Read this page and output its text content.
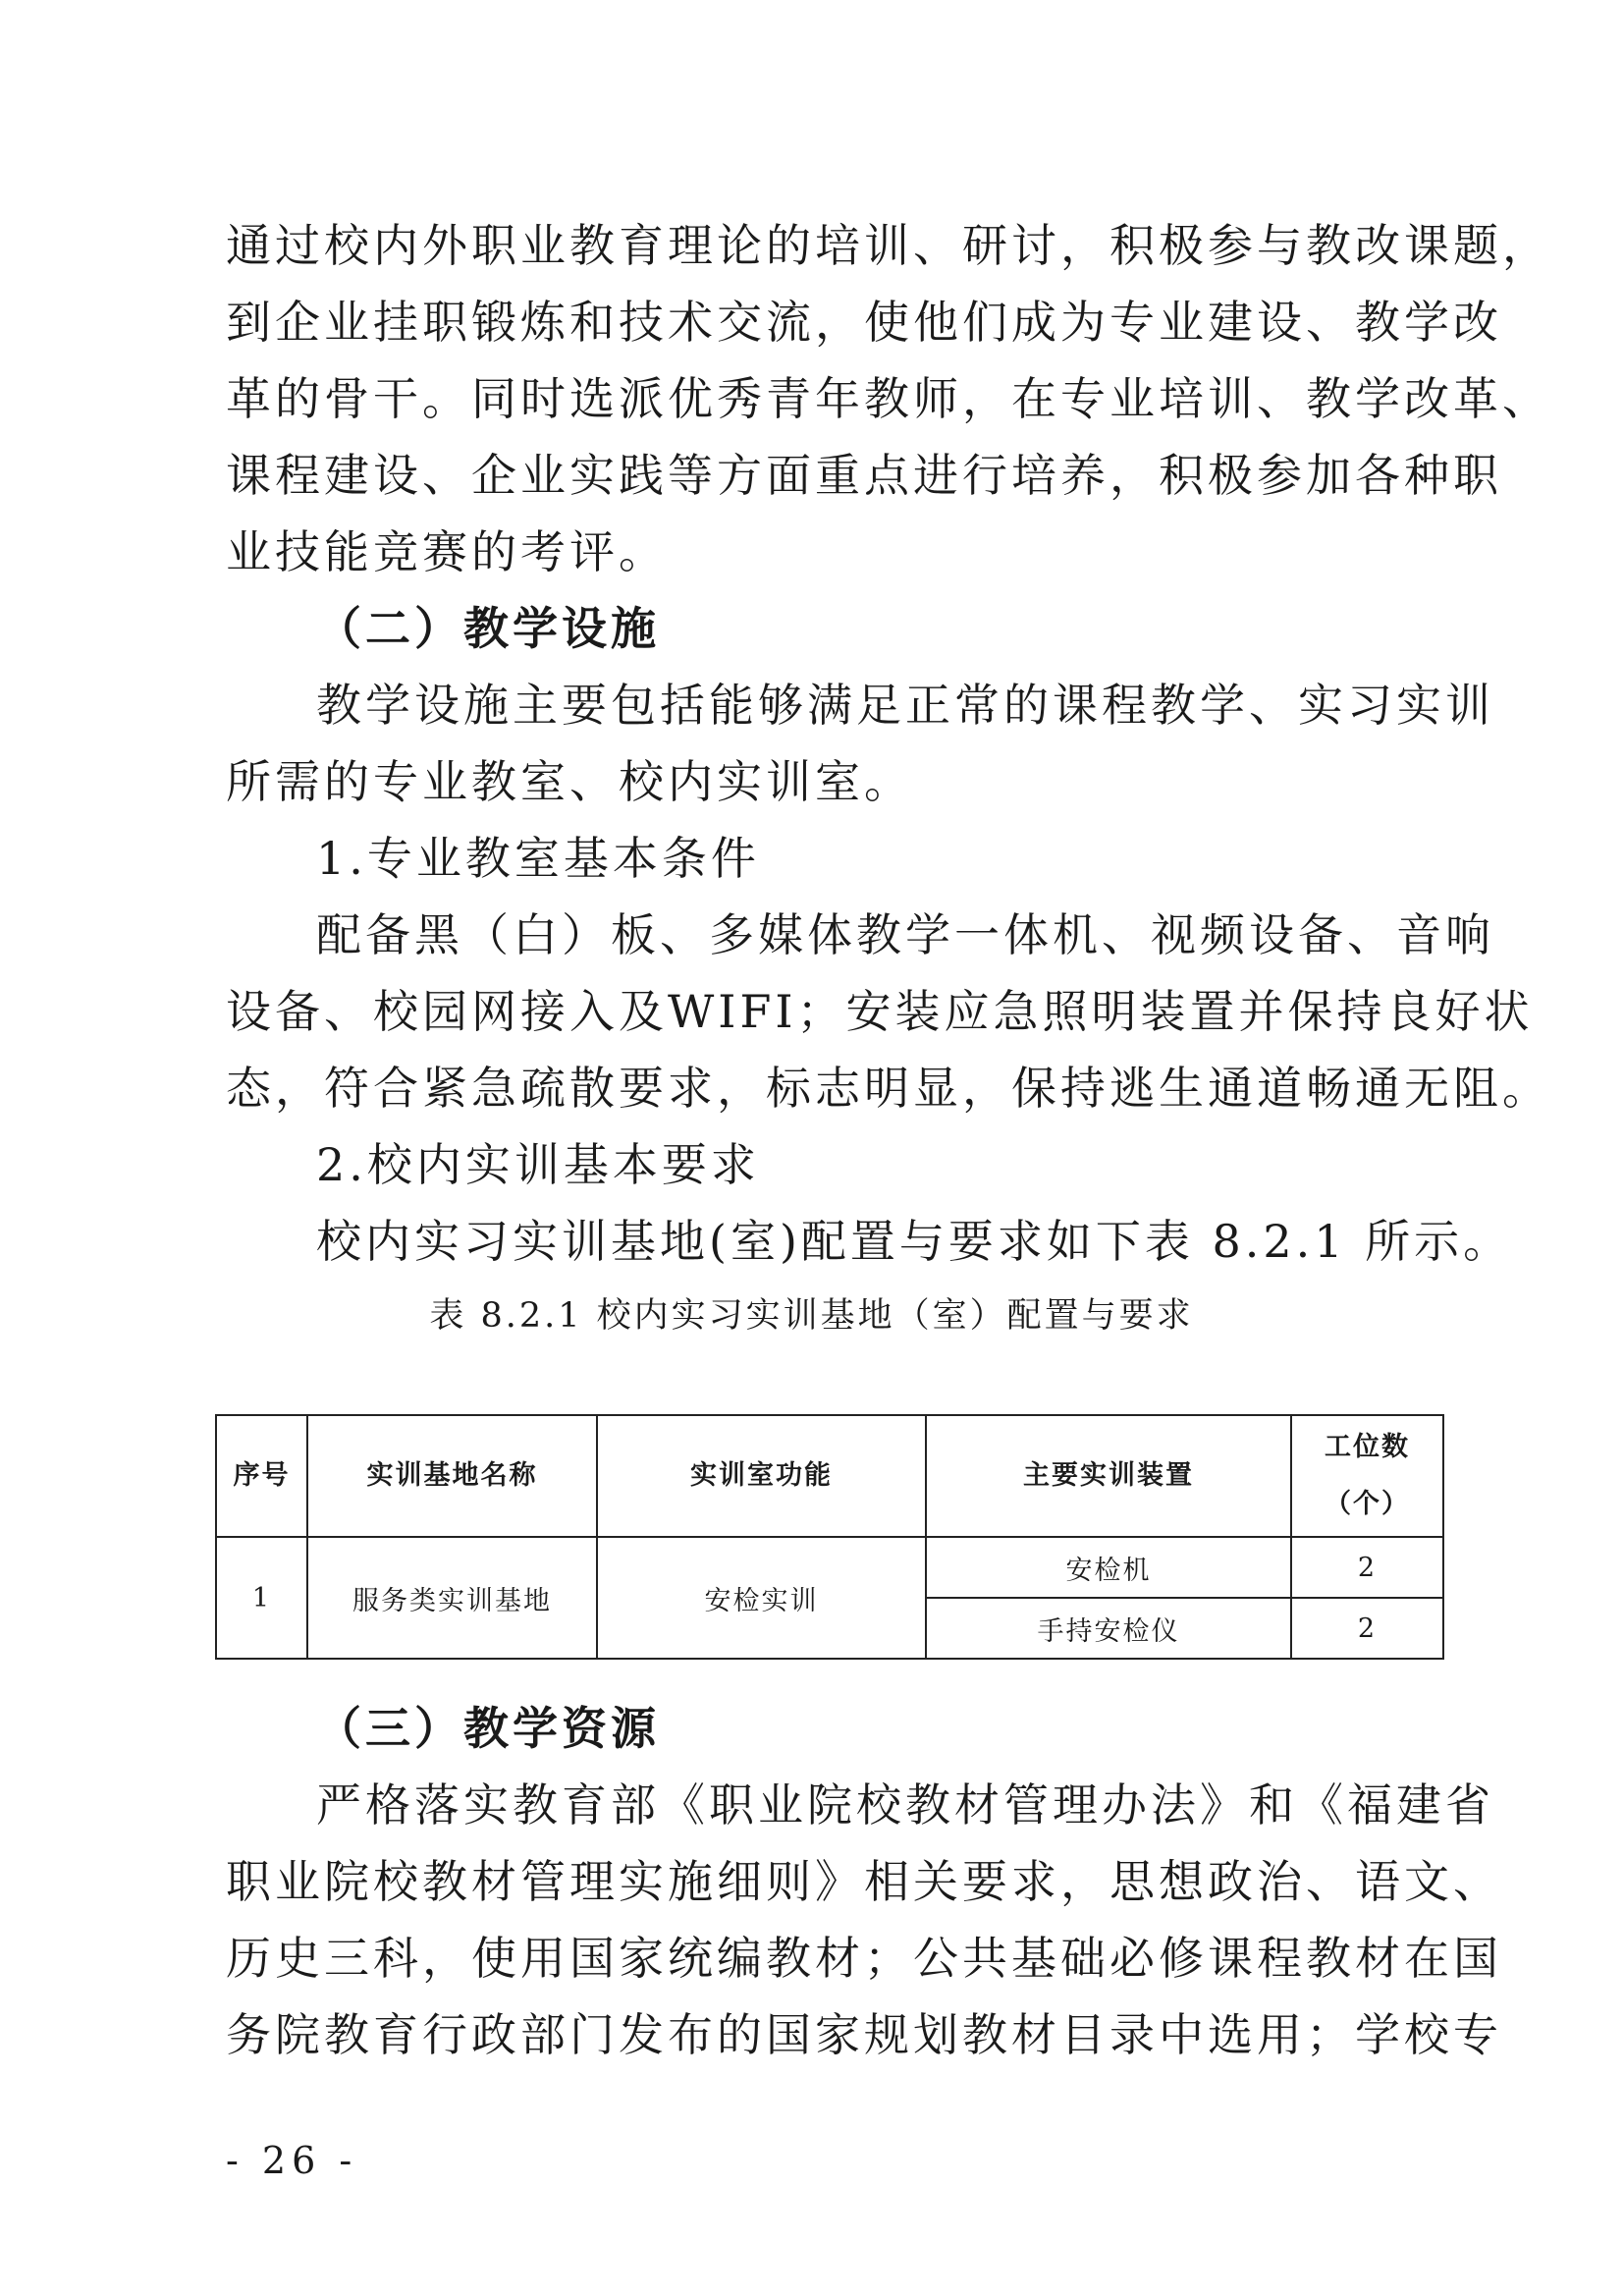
通过校内外职业教育理论的培训、研讨，积极参与教改课题，
到企业挂职锻炼和技术交流，使他们成为专业建设、教学改
革的骨干。同时选派优秀青年教师，在专业培训、教学改革、
课程建设、企业实践等方面重点进行培养，积极参加各种职
业技能竞赛的考评。
（二）教学设施
教学设施主要包括能够满足正常的课程教学、实习实训
所需的专业教室、校内实训室。
1.专业教室基本条件
配备黑（白）板、多媒体教学一体机、视频设备、音响
设备、校园网接入及WIFI；安装应急照明装置并保持良好状
态，符合紧急疏散要求，标志明显，保持逃生通道畅通无阻。
2.校内实训基本要求
校内实习实训基地(室)配置与要求如下表 8.2.1 所示。
表 8.2.1 校内实习实训基地（室）配置与要求
序号	实训基地名称	实训室功能	主要实训装置	工位数
（个）

1	服务类实训基地	安检实训	安检机	2
			手持安检仪	2
（三）教学资源
严格落实教育部《职业院校教材管理办法》和《福建省
职业院校教材管理实施细则》相关要求，思想政治、语文、
历史三科，使用国家统编教材；公共基础必修课程教材在国
务院教育行政部门发布的国家规划教材目录中选用；学校专
- 26 -
